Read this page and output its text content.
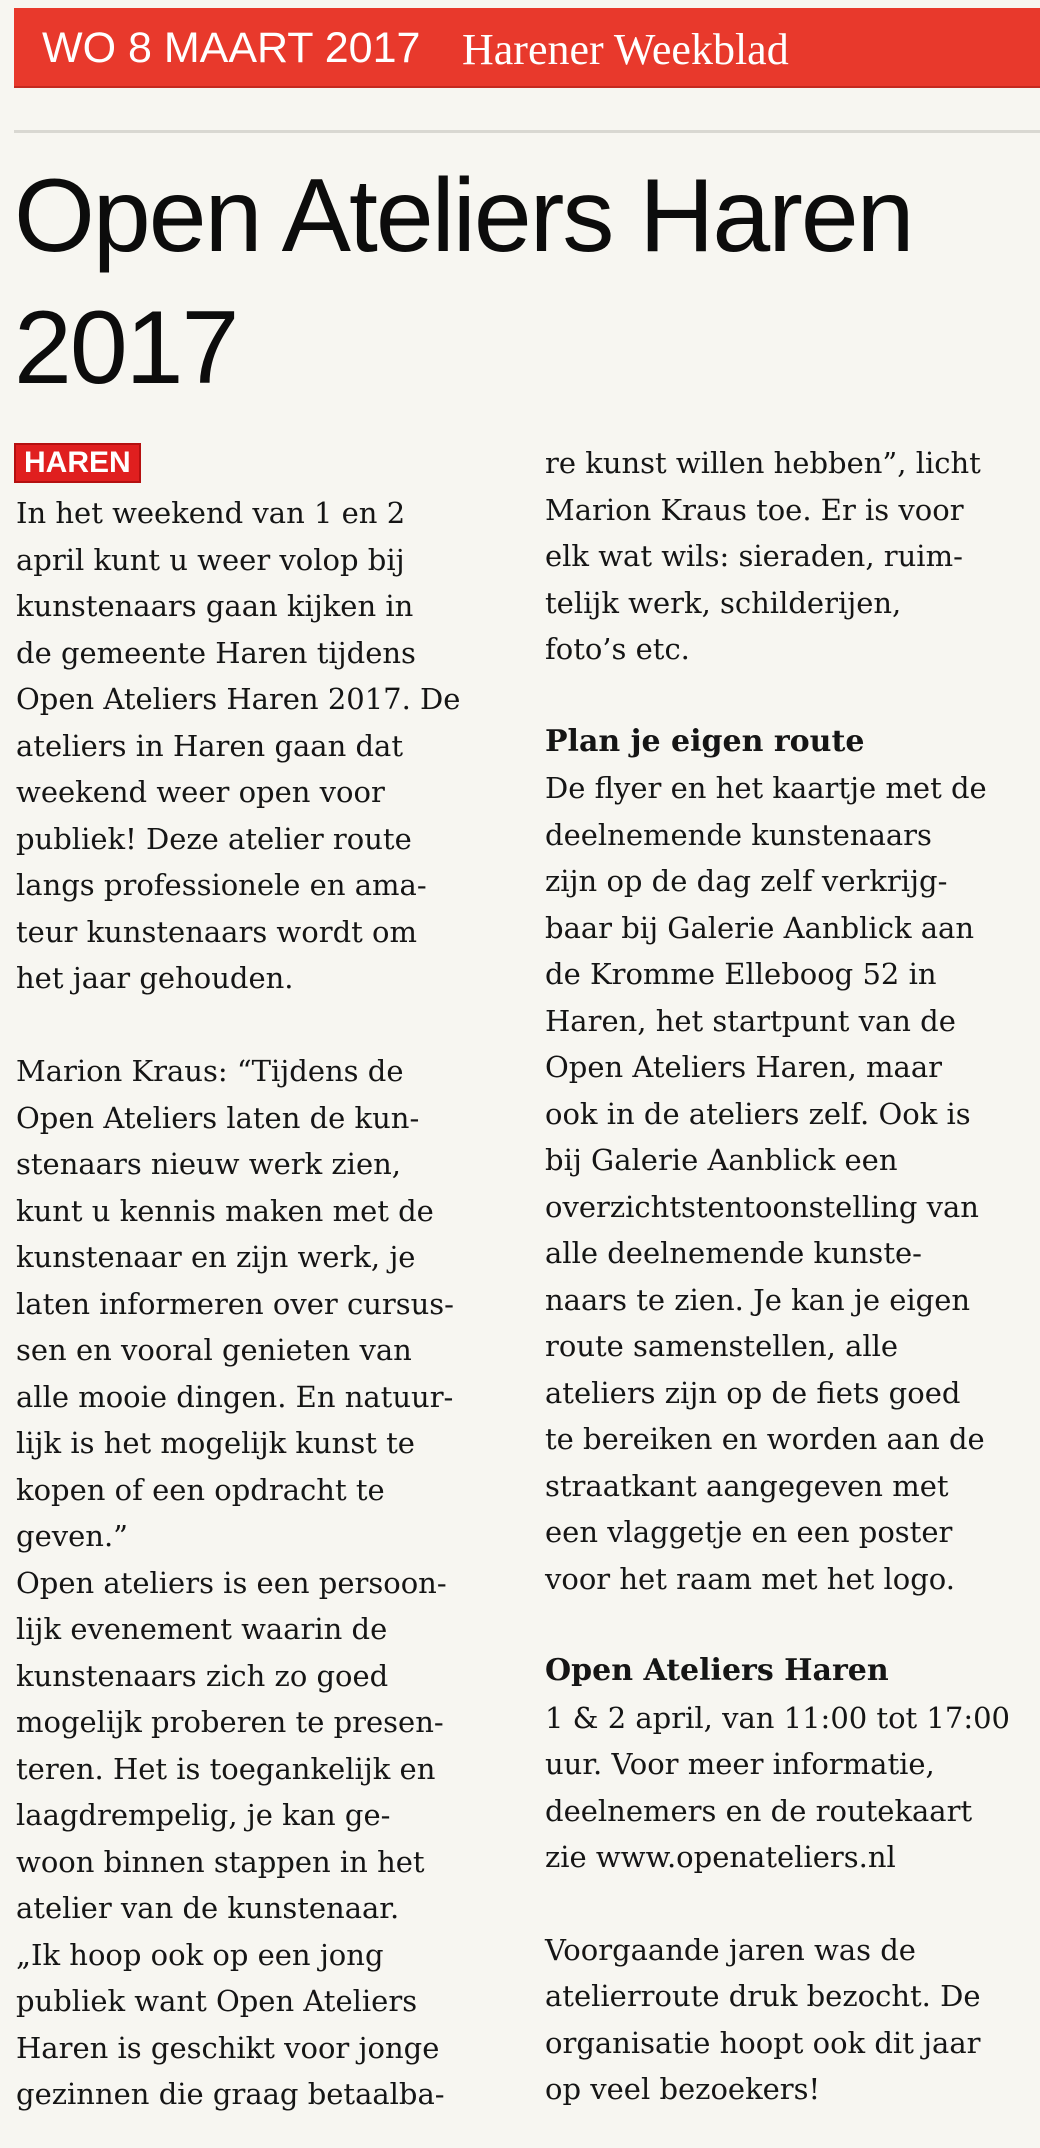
WO 8 MAART 2017 Harener Weekblad
Open Ateliers Haren
2017
HAREN

In het weekend van 1 en 2

april kunt u weer volop bij

kunstenaars gaan kijken in

de gemeente Haren tijdens

Open Ateliers Haren 2017. De

ateliers in Haren gaan dat

weekend weer open voor

publiek! Deze atelier route

langs professionele en ama-

teur kunstenaars wordt om

het jaar gehouden.

Marion Kraus: “Tijdens de

Open Ateliers laten de kun-

stenaars nieuw werk zien,

kunt u kennis maken met de

kunstenaar en zijn werk, je

laten informeren over cursus-

sen en vooral genieten van

alle mooie dingen. En natuur-

lijk is het mogelijk kunst te

kopen of een opdracht te

geven.”

Open ateliers is een persoon-

lijk evenement waarin de

kunstenaars zich zo goed

mogelijk proberen te presen-

teren. Het is toegankelijk en

laagdrempelig, je kan ge-

woon binnen stappen in het

atelier van de kunstenaar.

„Ik hoop ook op een jong

publiek want Open Ateliers

Haren is geschikt voor jonge

gezinnen die graag betaalba-

re kunst willen hebben”, licht

Marion Kraus toe. Er is voor

elk wat wils: sieraden, ruim-

telijk werk, schilderijen,

foto’s etc.

Plan je eigen route

De flyer en het kaartje met de

deelnemende kunstenaars

zijn op de dag zelf verkrijg-

baar bij Galerie Aanblick aan

de Kromme Elleboog 52 in

Haren, het startpunt van de

Open Ateliers Haren, maar

ook in de ateliers zelf. Ook is

bij Galerie Aanblick een

overzichtstentoonstelling van

alle deelnemende kunste-

naars te zien. Je kan je eigen

route samenstellen, alle

ateliers zijn op de fiets goed

te bereiken en worden aan de

straatkant aangegeven met

een vlaggetje en een poster

voor het raam met het logo.

Open Ateliers Haren

1 & 2 april, van 11:00 tot 17:00

uur. Voor meer informatie,

deelnemers en de routekaart

zie www.openateliers.nl

Voorgaande jaren was de

atelierroute druk bezocht. De

organisatie hoopt ook dit jaar

op veel bezoekers!
